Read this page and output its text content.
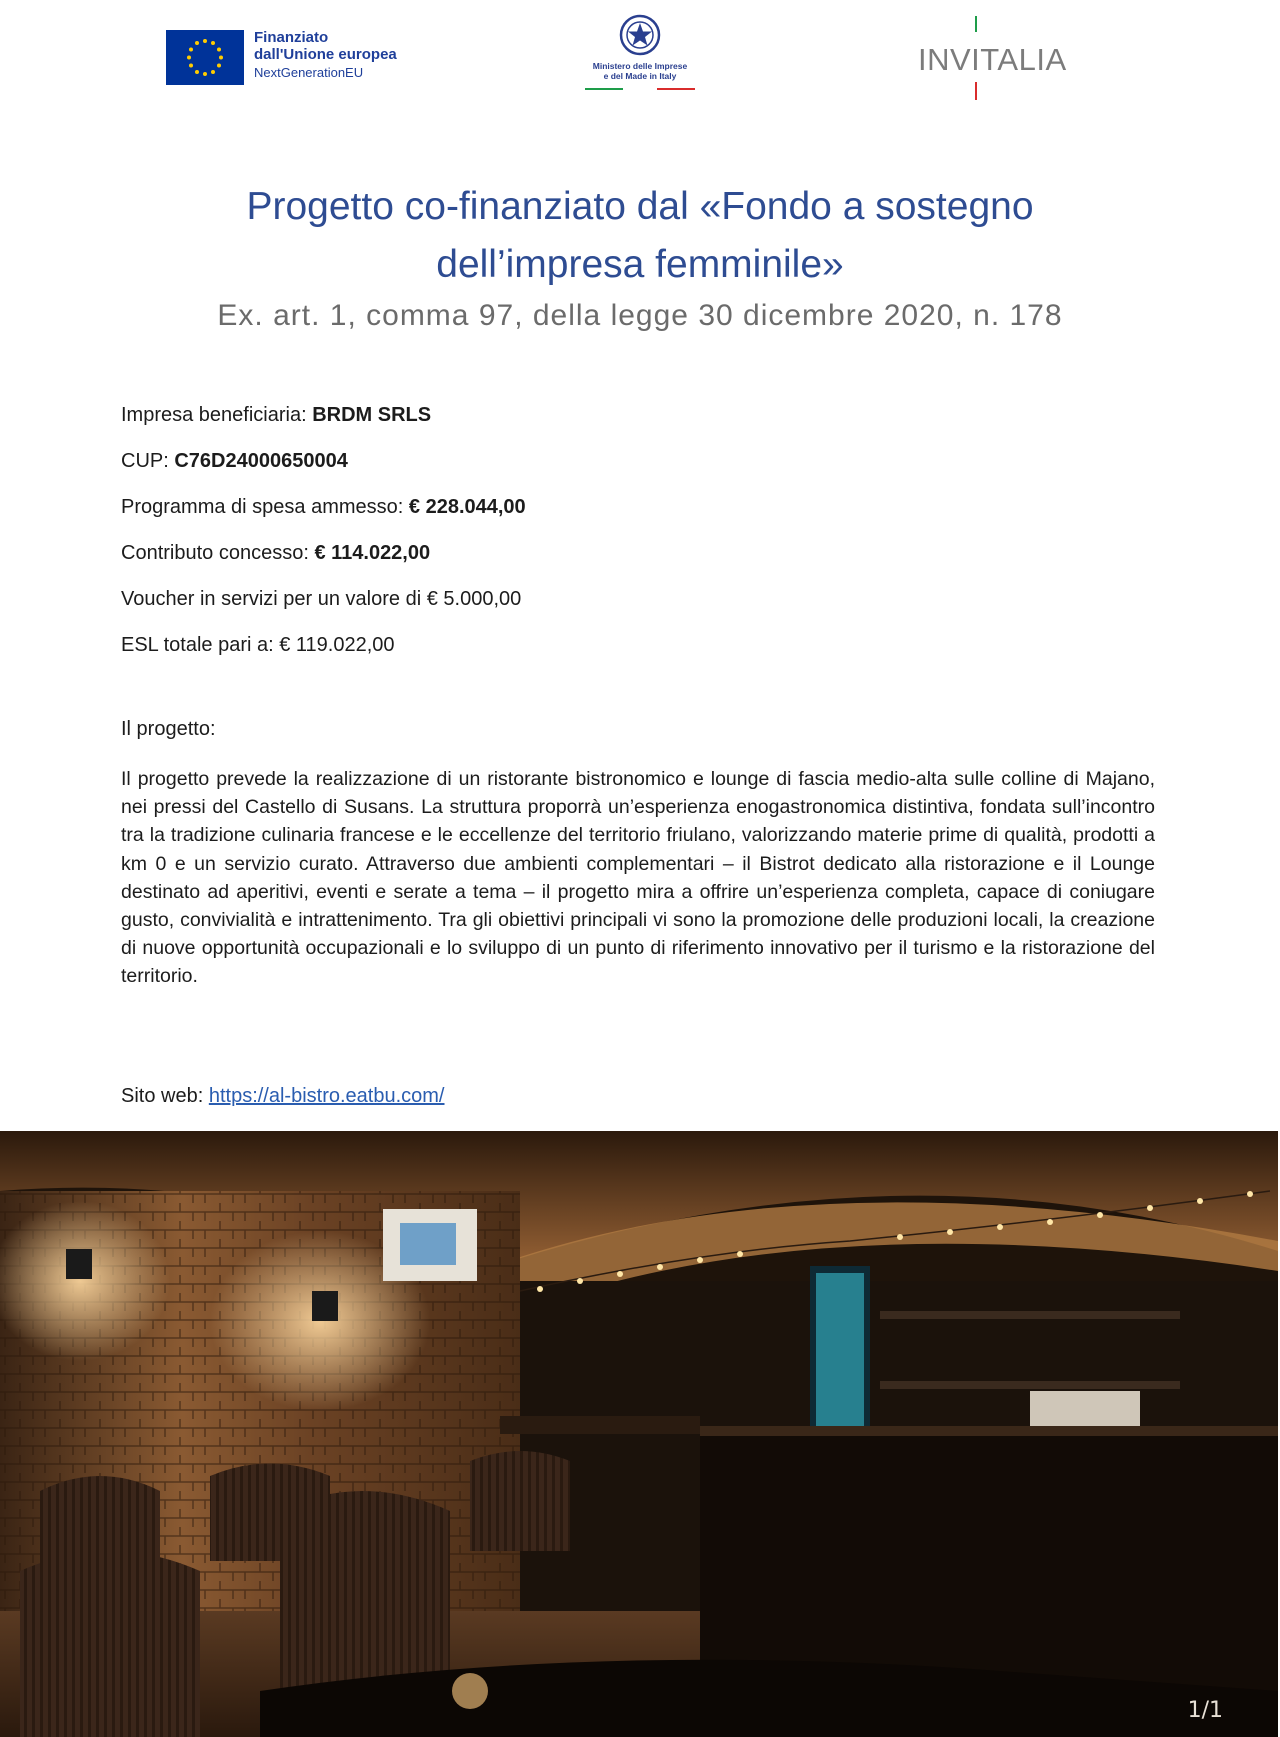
Finanziato
dall'Unione europea
NextGenerationEU	Ministero delle Imprese
e del Made in Italy	INVITALIA
Progetto co-finanziato dal «Fondo a sostegno
dell’impresa femminile»
Ex. art. 1, comma 97, della legge 30 dicembre 2020, n. 178
Impresa beneficiaria: BRDM SRLS
CUP: C76D24000650004
Programma di spesa ammesso: € 228.044,00
Contributo concesso: € 114.022,00
Voucher in servizi per un valore di € 5.000,00
ESL totale pari a: € 119.022,00
Il progetto:

Il progetto prevede la realizzazione di un ristorante bistronomico e lounge di fascia medio-alta sulle colline di Majano, nei pressi del Castello di Susans. La struttura proporrà un’esperienza enogastronomica distintiva, fondata sull’incontro tra la tradizione culinaria francese e le eccellenze del territorio friulano, valorizzando materie prime di qualità, prodotti a km 0 e un servizio curato. Attraverso due ambienti complementari – il Bistrot dedicato alla ristorazione e il Lounge destinato ad aperitivi, eventi e serate a tema – il progetto mira a offrire un’esperienza completa, capace di coniugare gusto, convivialità e intrattenimento. Tra gli obiettivi principali vi sono la promozione delle produzioni locali, la creazione di nuove opportunità occupazionali e lo sviluppo di un punto di riferimento innovativo per il turismo e la ristorazione del territorio.

Sito web: https://al-bistro.eatbu.com/
1/1
